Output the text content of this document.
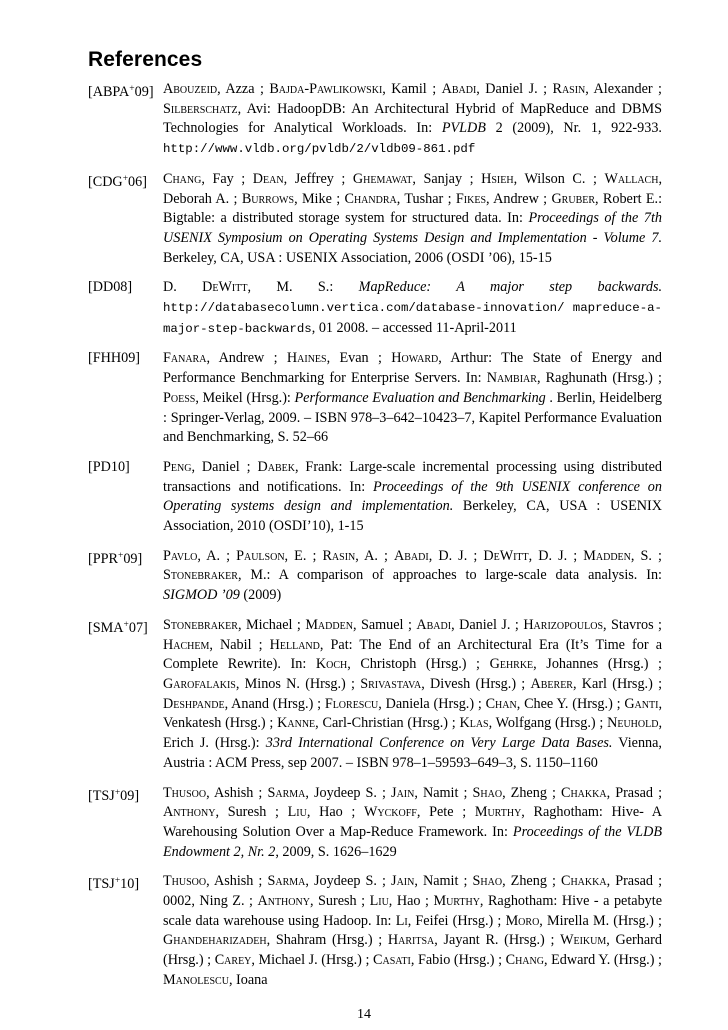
References
[ABPA+09] Abouzeid, Azza ; Bajda-Pawlikowski, Kamil ; Abadi, Daniel J. ; Rasin, Alexander ; Silberschatz, Avi: HadoopDB: An Architectural Hybrid of MapReduce and DBMS Technologies for Analytical Workloads. In: PVLDB 2 (2009), Nr. 1, 922-933. http://www.vldb.org/pvldb/2/vldb09-861.pdf
[CDG+06]	Chang, Fay ; Dean, Jeffrey ; Ghemawat, Sanjay ; Hsieh, Wilson C. ; Wallach, Deborah A. ; Burrows, Mike ; Chandra, Tushar ; Fikes, Andrew ; Gruber, Robert E.: Bigtable: a distributed storage system for structured data. In: Proceedings of the 7th USENIX Symposium on Operating Systems Design and Implementation - Volume 7. Berkeley, CA, USA : USENIX Association, 2006 (OSDI ’06), 15-15
[DD08]	D. DeWitt, M. S.: MapReduce: A major step backwards. http://databasecolumn.vertica.com/database-innovation/ mapreduce-a-major-step-backwards, 01 2008. – accessed 11-April-2011
[FHH09]	Fanara, Andrew ; Haines, Evan ; Howard, Arthur: The State of Energy and Performance Benchmarking for Enterprise Servers. In: Nambiar, Raghunath (Hrsg.) ; Poess, Meikel (Hrsg.): Performance Evaluation and Benchmarking . Berlin, Heidelberg : Springer-Verlag, 2009. – ISBN 978–3–642–10423–7, Kapitel Performance Evaluation and Benchmarking, S. 52–66
[PD10]	Peng, Daniel ; Dabek, Frank: Large-scale incremental processing using distributed transactions and notifications. In: Proceedings of the 9th USENIX conference on Operating systems design and implementation. Berkeley, CA, USA : USENIX Association, 2010 (OSDI’10), 1-15
[PPR+09]	Pavlo, A. ; Paulson, E. ; Rasin, A. ; Abadi, D. J. ; DeWitt, D. J. ; Madden, S. ; Stonebraker, M.: A comparison of approaches to large-scale data analysis. In: SIGMOD ’09 (2009)
[SMA+07]	Stonebraker, Michael ; Madden, Samuel ; Abadi, Daniel J. ; Harizopoulos, Stavros ; Hachem, Nabil ; Helland, Pat: The End of an Architectural Era (It’s Time for a Complete Rewrite). In: Koch, Christoph (Hrsg.) ; Gehrke, Johannes (Hrsg.) ; Garofalakis, Minos N. (Hrsg.) ; Srivastava, Divesh (Hrsg.) ; Aberer, Karl (Hrsg.) ; Deshpande, Anand (Hrsg.) ; Florescu, Daniela (Hrsg.) ; Chan, Chee Y. (Hrsg.) ; Ganti, Venkatesh (Hrsg.) ; Kanne, Carl-Christian (Hrsg.) ; Klas, Wolfgang (Hrsg.) ; Neuhold, Erich J. (Hrsg.): 33rd International Conference on Very Large Data Bases. Vienna, Austria : ACM Press, sep 2007. – ISBN 978–1–59593–649–3, S. 1150–1160
[TSJ+09]	Thusoo, Ashish ; Sarma, Joydeep S. ; Jain, Namit ; Shao, Zheng ; Chakka, Prasad ; Anthony, Suresh ; Liu, Hao ; Wyckoff, Pete ; Murthy, Raghotham: Hive- A Warehousing Solution Over a Map-Reduce Framework. In: Proceedings of the VLDB Endowment 2, Nr. 2, 2009, S. 1626–1629
[TSJ+10]	Thusoo, Ashish ; Sarma, Joydeep S. ; Jain, Namit ; Shao, Zheng ; Chakka, Prasad ; 0002, Ning Z. ; Anthony, Suresh ; Liu, Hao ; Murthy, Raghotham: Hive - a petabyte scale data warehouse using Hadoop. In: Li, Feifei (Hrsg.) ; Moro, Mirella M. (Hrsg.) ; Ghandeharizadeh, Shahram (Hrsg.) ; Haritsa, Jayant R. (Hrsg.) ; Weikum, Gerhard (Hrsg.) ; Carey, Michael J. (Hrsg.) ; Casati, Fabio (Hrsg.) ; Chang, Edward Y. (Hrsg.) ; Manolescu, Ioana
14
